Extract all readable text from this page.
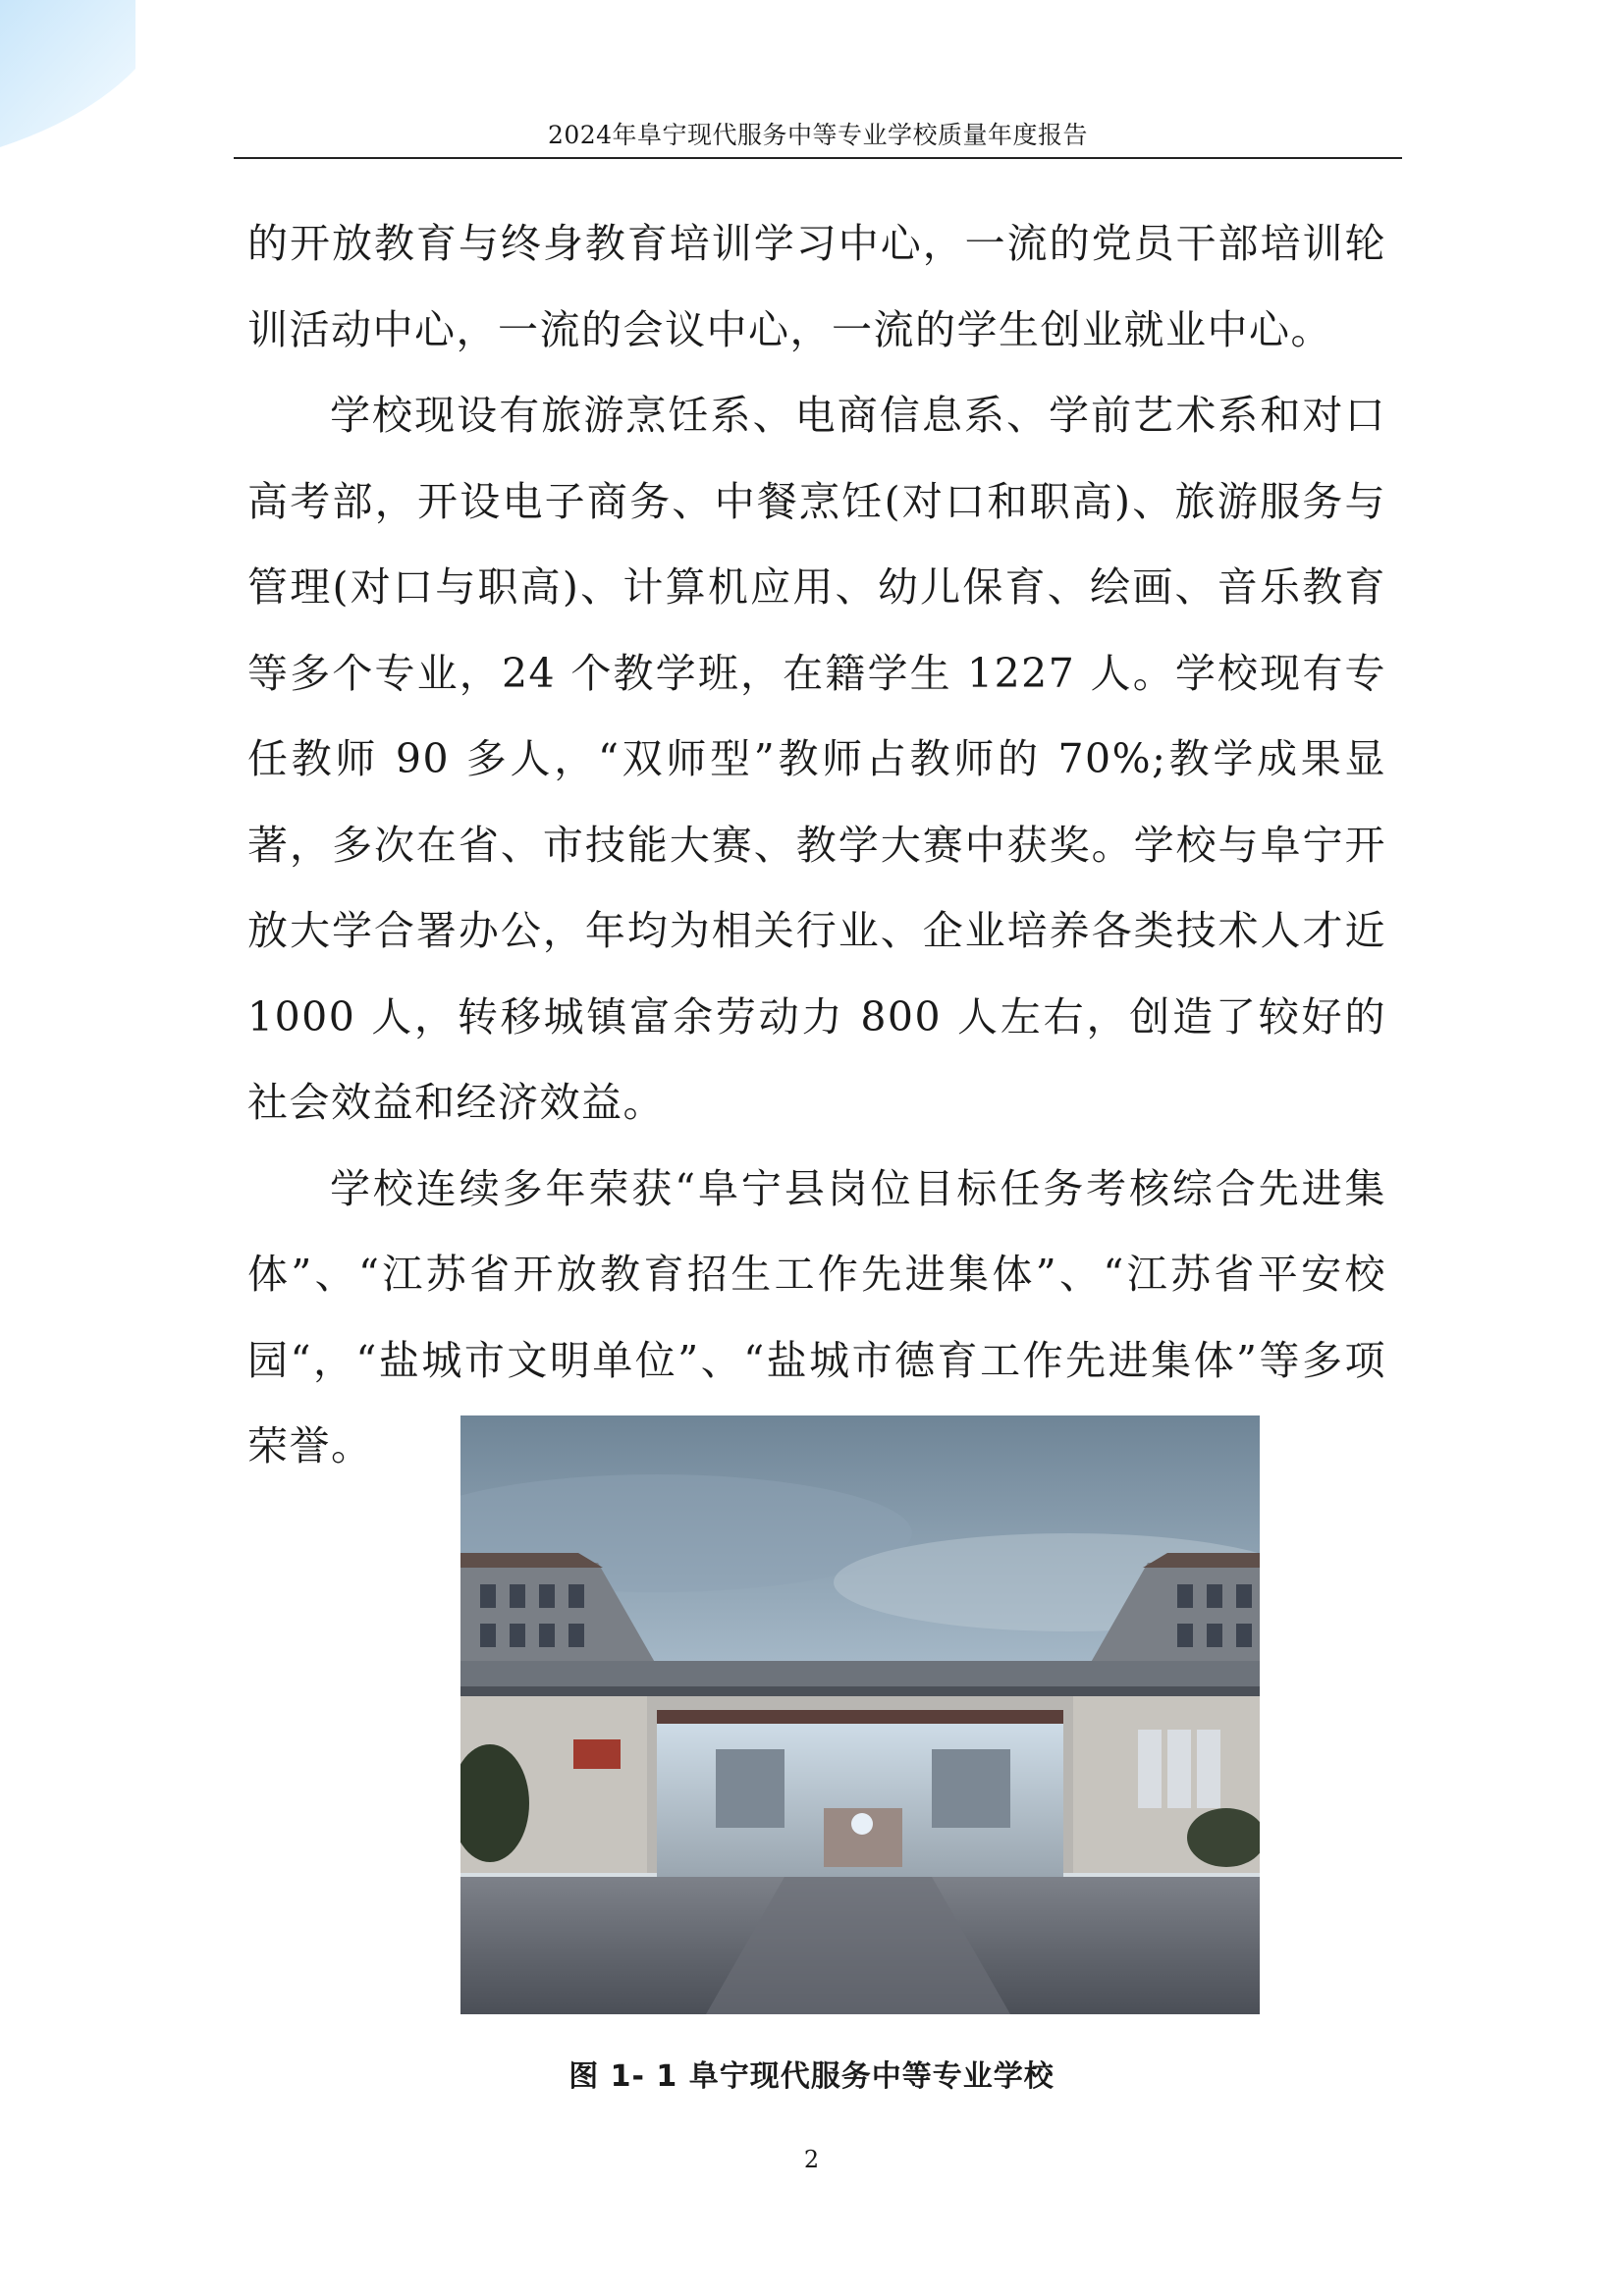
2024年阜宁现代服务中等专业学校质量年度报告

的开放教育与终身教育培训学习中心，一流的党员干部培训轮训活动中心，一流的会议中心，一流的学生创业就业中心。

学校现设有旅游烹饪系、电商信息系、学前艺术系和对口高考部，开设电子商务、中餐烹饪(对口和职高)、旅游服务与管理(对口与职高)、计算机应用、幼儿保育、绘画、音乐教育等多个专业，24 个教学班，在籍学生 1227 人。学校现有专任教师 90 多人，“双师型”教师占教师的 70%;教学成果显著，多次在省、市技能大赛、教学大赛中获奖。学校与阜宁开放大学合署办公，年均为相关行业、企业培养各类技术人才近 1000 人，转移城镇富余劳动力 800 人左右，创造了较好的社会效益和经济效益。

学校连续多年荣获“阜宁县岗位目标任务考核综合先进集体”、“江苏省开放教育招生工作先进集体”、“江苏省平安校园“，“盐城市文明单位”、“盐城市德育工作先进集体”等多项荣誉。

图 1- 1 阜宁现代服务中等专业学校
2
